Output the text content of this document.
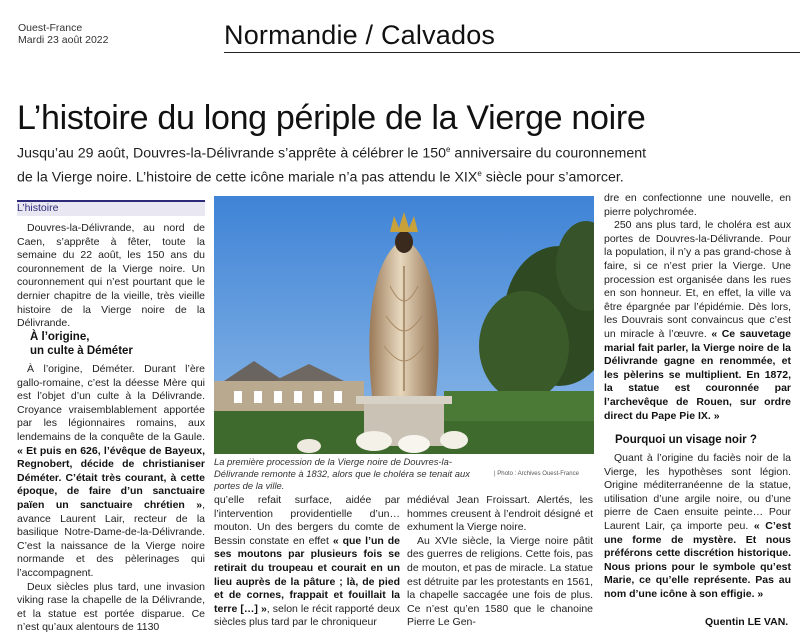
Ouest-France
Mardi 23 août 2022	Normandie / Calvados
L’histoire du long périple de la Vierge noire

Jusqu’au 29 août, Douvres-la-Délivrande s’apprête à célébrer le 150e anniversaire du couronnement

de la Vierge noire. L’histoire de cette icône mariale n’a pas attendu le XIXe siècle pour s’amorcer.

L’histoire

Douvres-la-Délivrande, au nord de Caen, s’apprête à fêter, toute la semaine du 22 août, les 150 ans du couronnement de la Vierge noire. Un couronnement qui n’est pourtant que le dernier chapitre de la vieille, très vieille histoire de la Vierge noire de la Délivrande.

À l’origine,
un culte à Déméter

À l’origine, Déméter. Durant l’ère gallo-romaine, c’est la déesse Mère qui est l’objet d’un culte à la Délivrande. Croyance vraisemblablement apportée par les légionnaires romains, aux lendemains de la conquête de la Gaule. « Et puis en 626, l’évêque de Bayeux, Regnobert, décide de christianiser Déméter. C’était très courant, à cette époque, de faire d’un sanctuaire païen un sanctuaire chrétien », avance Laurent Lair, recteur de la basilique Notre-Dame-de-la-Délivrande. C’est la naissance de la Vierge noire normande et des pèlerinages qui l’accompagnent.

Deux siècles plus tard, une invasion viking rase la chapelle de la Délivrande, et la statue est portée disparue. Ce n’est qu’aux alentours de 1130

La première procession de la Vierge noire de Douvres-la-Délivrande remonte à 1832, alors que le choléra se tenait aux portes de la ville.
| Photo : Archives Ouest-France

qu’elle refait surface, aidée par l’intervention providentielle d’un… mouton. Un des bergers du comte de Bessin constate en effet « que l’un de ses moutons par plusieurs fois se retirait du troupeau et courait en un lieu auprès de la pâture ; là, de pied et de cornes, frappait et fouillait la terre […] », selon le récit rapporté deux siècles plus tard par le chroniqueur

médiéval Jean Froissart. Alertés, les hommes creusent à l’endroit désigné et exhument la Vierge noire.

Au XVIe siècle, la Vierge noire pâtit des guerres de religions. Cette fois, pas de mouton, et pas de miracle. La statue est détruite par les protestants en 1561, la chapelle saccagée une fois de plus. Ce n’est qu’en 1580 que le chanoine Pierre Le Gen-

dre en confectionne une nouvelle, en pierre polychromée.

250 ans plus tard, le choléra est aux portes de Douvres-la-Délivrande. Pour la population, il n’y a pas grand-chose à faire, si ce n’est prier la Vierge. Une procession est organisée dans les rues en son honneur. Et, en effet, la ville va être épargnée par l’épidémie. Dès lors, les Douvrais sont convaincus que c’est un miracle à l’œuvre. « Ce sauvetage marial fait parler, la Vierge noire de la Délivrande gagne en renommée, et les pèlerins se multiplient. En 1872, la statue est couronnée par l’archevêque de Rouen, sur ordre direct du Pape Pie IX. »

Pourquoi un visage noir ?

Quant à l’origine du faciès noir de la Vierge, les hypothèses sont légion. Origine méditerranéenne de la statue, utilisation d’une argile noire, ou d’une pierre de Caen ensuite peinte… Pour Laurent Lair, ça importe peu. « C’est une forme de mystère. Et nous préférons cette discrétion historique. Nous prions pour le symbole qu’est Marie, ce qu’elle représente. Pas au nom d’une icône à son effigie. »

Quentin LE VAN.
